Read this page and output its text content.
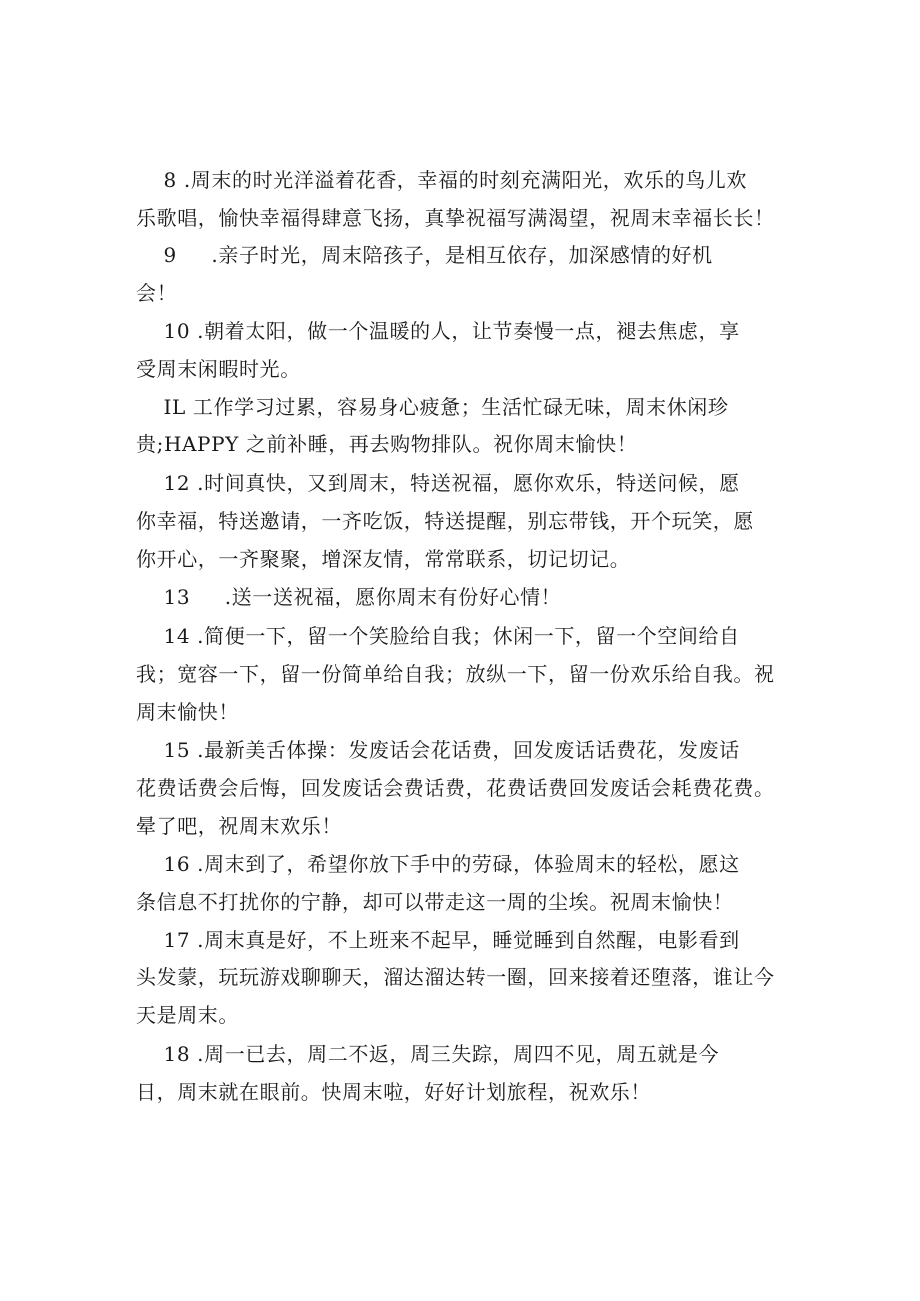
　 8 .周末的时光洋溢着花香，幸福的时刻充满阳光，欢乐的鸟儿欢
乐歌唱，愉快幸福得肆意飞扬，真挚祝福写满渴望，祝周末幸福长长！
　 9　  .亲子时光，周末陪孩子，是相互依存，加深感情的好机
会！
　 10 .朝着太阳，做一个温暖的人，让节奏慢一点，褪去焦虑，享
受周末闲暇时光。
　 IL 工作学习过累，容易身心疲惫；生活忙碌无味，周末休闲珍
贵;HAPPY 之前补睡，再去购物排队。祝你周末愉快！
　 12 .时间真快，又到周末，特送祝福，愿你欢乐，特送问候，愿
你幸福，特送邀请，一齐吃饭，特送提醒，别忘带钱，开个玩笑，愿
你开心，一齐聚聚，增深友情，常常联系，切记切记。
　 13　  .送一送祝福，愿你周末有份好心情！
　 14 .简便一下，留一个笑脸给自我；休闲一下，留一个空间给自
我；宽容一下，留一份简单给自我；放纵一下，留一份欢乐给自我。祝
周末愉快！
　 15 .最新美舌体操：发废话会花话费，回发废话话费花，发废话
花费话费会后悔，回发废话会费话费，花费话费回发废话会耗费花费。
晕了吧，祝周末欢乐！
　 16 .周末到了，希望你放下手中的劳碌，体验周末的轻松，愿这
条信息不打扰你的宁静，却可以带走这一周的尘埃。祝周末愉快！
　 17 .周末真是好，不上班来不起早，睡觉睡到自然醒，电影看到
头发蒙，玩玩游戏聊聊天，溜达溜达转一圈，回来接着还堕落，谁让今
天是周末。
　 18 .周一已去，周二不返，周三失踪，周四不见，周五就是今
日，周末就在眼前。快周末啦，好好计划旅程，祝欢乐！
